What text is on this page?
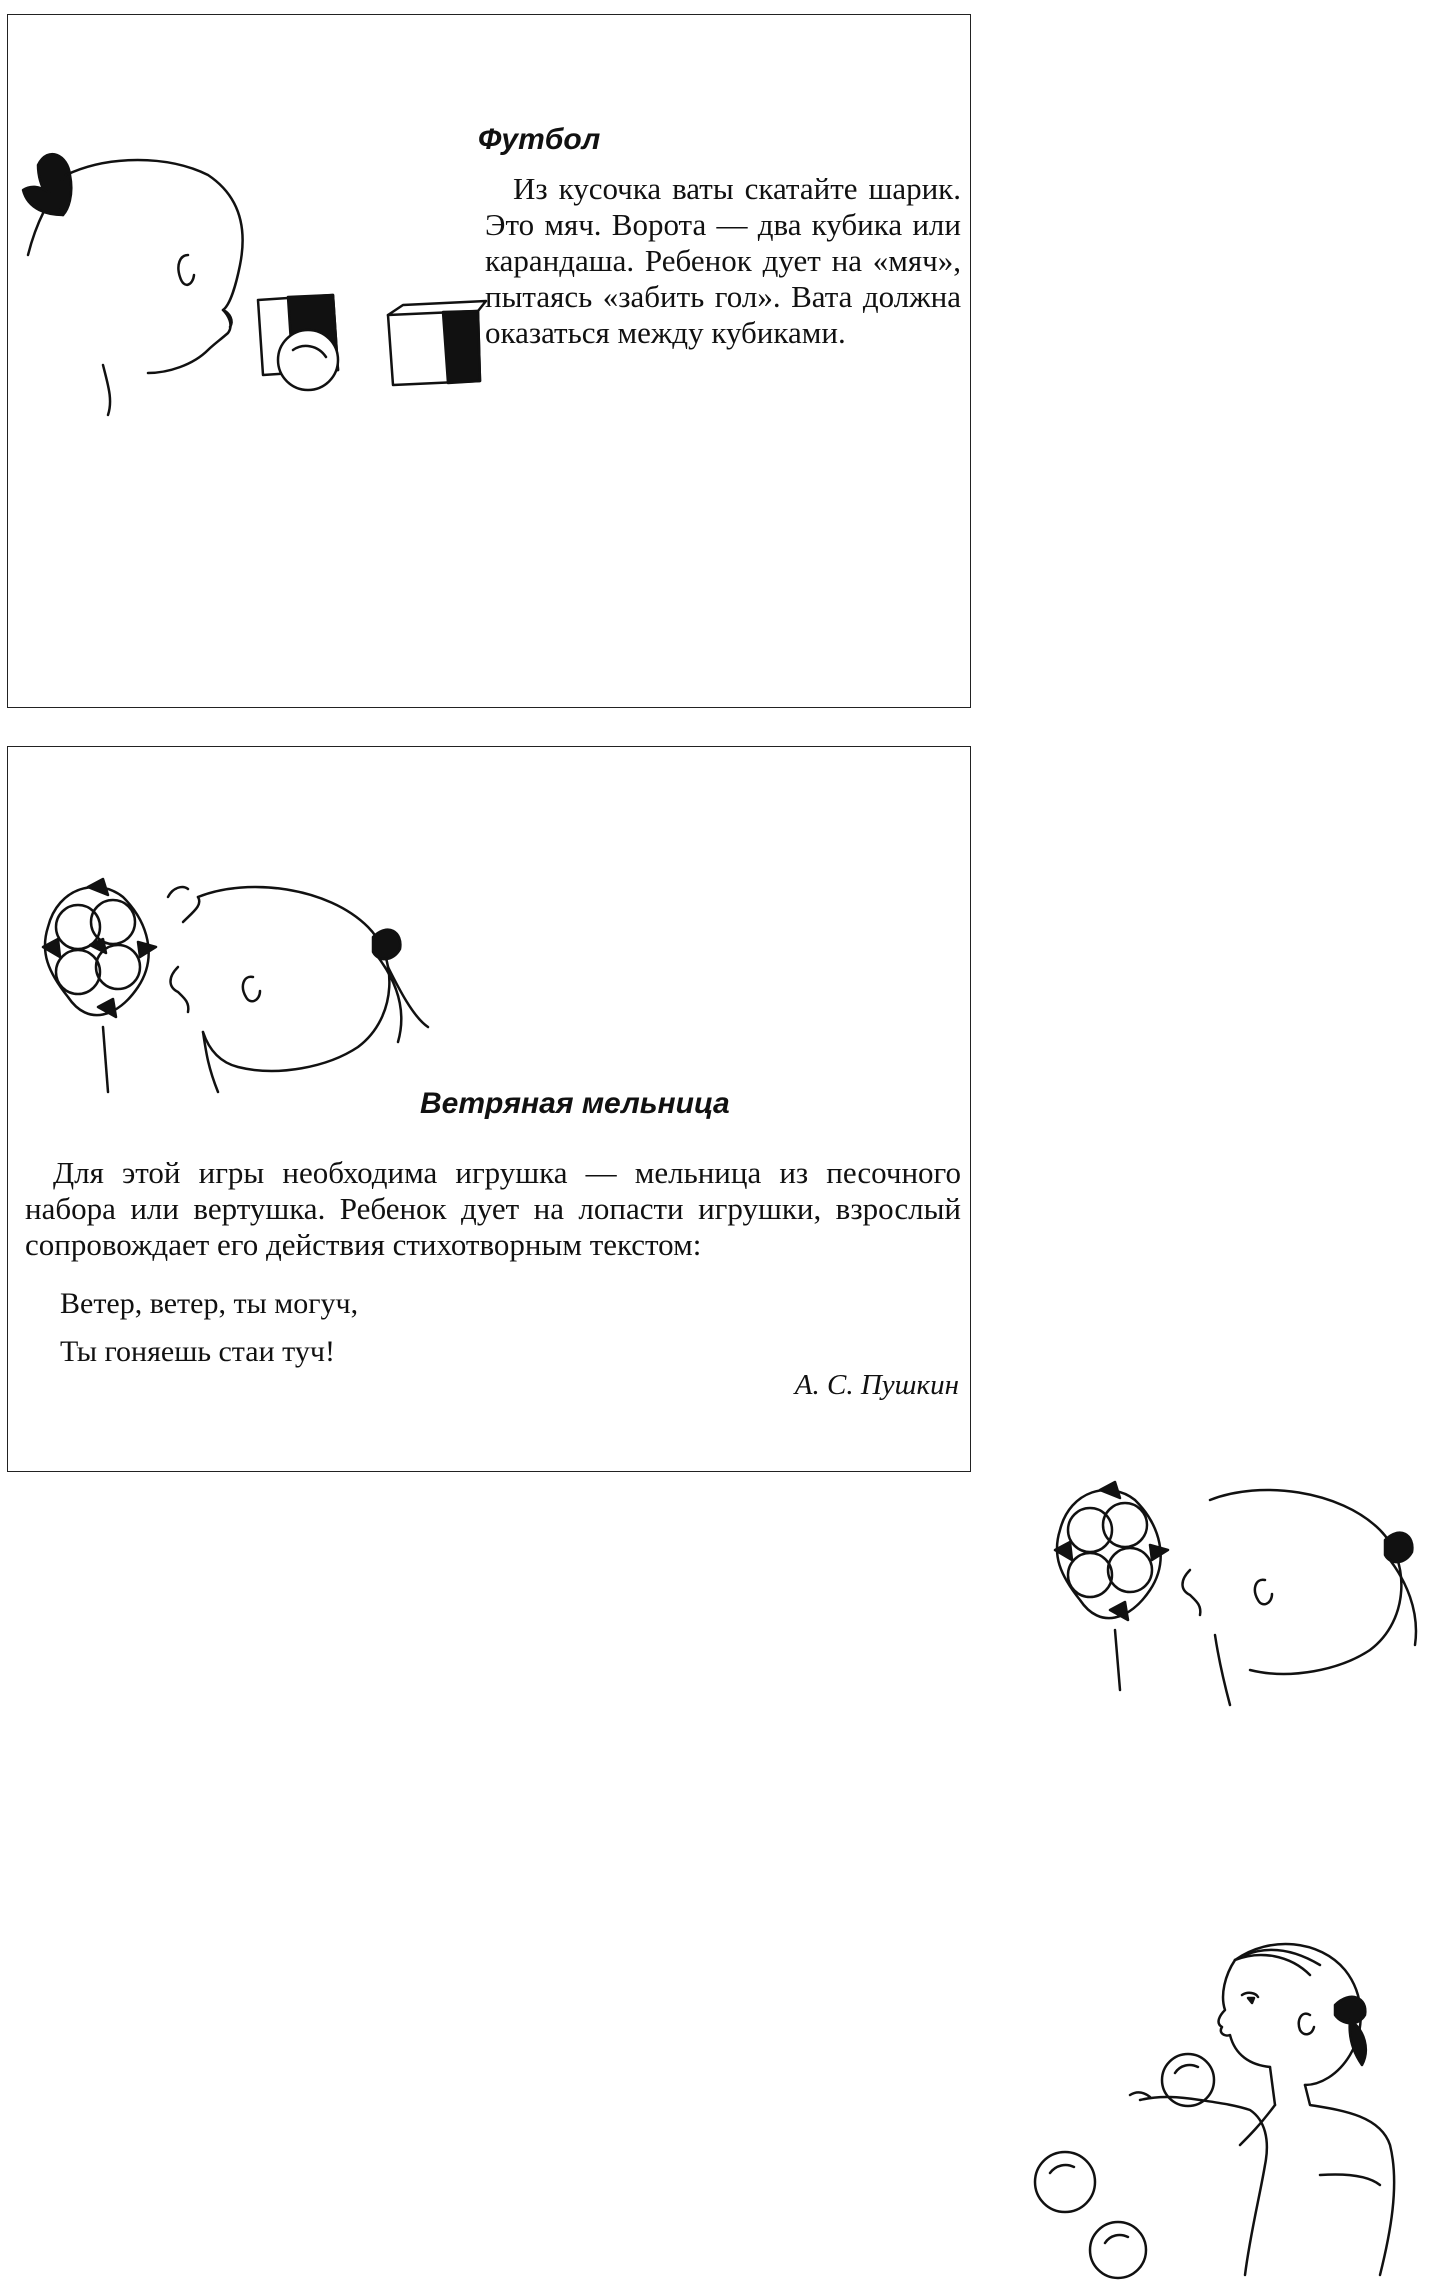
Футбол

Из кусочка ваты скатайте шарик. Это мяч. Ворота — два кубика или карандаша. Ребенок дует на «мяч», пытаясь «забить гол». Вата должна оказаться между кубиками.

Ветряная мельница

Для этой игры необходима игрушка — мельница из песочного набора или вертушка. Ребенок дует на лопасти игрушки, взрослый сопровождает его действия стихотворным текстом:

Ветер, ветер, ты могуч,
Ты гоняешь стаи туч!
А. С. Пушкин
